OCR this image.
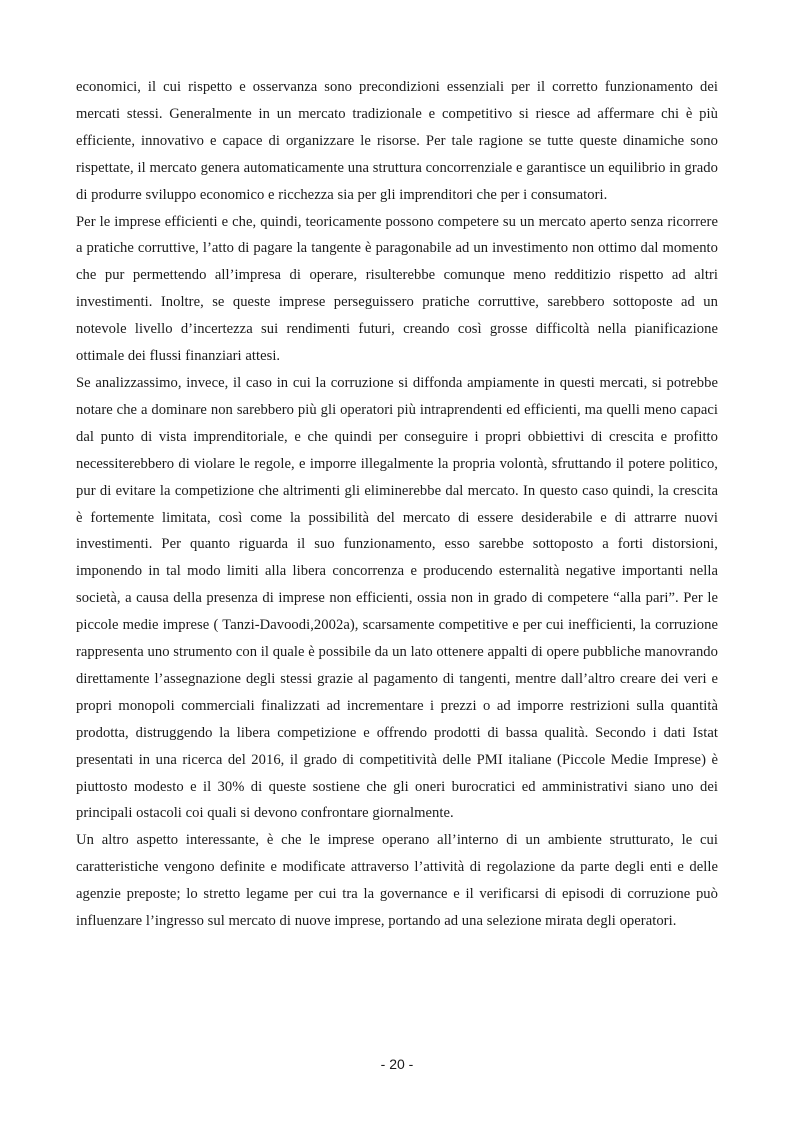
economici, il cui rispetto e osservanza sono precondizioni essenziali per il corretto funzionamento dei mercati stessi. Generalmente in un mercato tradizionale e competitivo si riesce ad affermare chi è più efficiente, innovativo e capace di organizzare le risorse. Per tale ragione se tutte queste dinamiche sono rispettate, il mercato genera automaticamente una struttura concorrenziale e garantisce un equilibrio in grado di produrre sviluppo economico e ricchezza sia per gli imprenditori che per i consumatori.

Per le imprese efficienti e che, quindi, teoricamente possono competere su un mercato aperto senza ricorrere a pratiche corruttive, l’atto di pagare la tangente è paragonabile ad un investimento non ottimo dal momento che pur permettendo all’impresa di operare, risulterebbe comunque meno redditizio rispetto ad altri investimenti. Inoltre, se queste imprese perseguissero pratiche corruttive, sarebbero sottoposte ad un notevole livello d’incertezza sui rendimenti futuri, creando così grosse difficoltà nella pianificazione ottimale dei flussi finanziari attesi.

Se analizzassimo, invece, il caso in cui la corruzione si diffonda ampiamente in questi mercati, si potrebbe notare che a dominare non sarebbero più gli operatori più intraprendenti ed efficienti, ma quelli meno capaci dal punto di vista imprenditoriale, e che quindi per conseguire i propri obbiettivi di crescita e profitto necessiterebbero di violare le regole, e imporre illegalmente la propria volontà, sfruttando il potere politico, pur di evitare la competizione che altrimenti gli eliminerebbe dal mercato. In questo caso quindi, la crescita è fortemente limitata, così come la possibilità del mercato di essere desiderabile e di attrarre nuovi investimenti. Per quanto riguarda il suo funzionamento, esso sarebbe sottoposto a forti distorsioni, imponendo in tal modo limiti alla libera concorrenza e producendo esternalità negative importanti nella società, a causa della presenza di imprese non efficienti, ossia non in grado di competere “alla pari”. Per le piccole medie imprese ( Tanzi-Davoodi,2002a), scarsamente competitive e per cui inefficienti, la corruzione rappresenta uno strumento con il quale è possibile da un lato ottenere appalti di opere pubbliche manovrando direttamente l’assegnazione degli stessi grazie al pagamento di tangenti, mentre dall’altro creare dei veri e propri monopoli commerciali finalizzati ad incrementare i prezzi o ad imporre restrizioni sulla quantità prodotta, distruggendo la libera competizione e offrendo prodotti di bassa qualità. Secondo i dati Istat presentati in una ricerca del 2016, il grado di competitività delle PMI italiane (Piccole Medie Imprese) è piuttosto modesto e il 30% di queste sostiene che gli oneri burocratici ed amministrativi siano uno dei principali ostacoli coi quali si devono confrontare giornalmente.

Un altro aspetto interessante, è che le imprese operano all’interno di un ambiente strutturato, le cui caratteristiche vengono definite e modificate attraverso l’attività di regolazione da parte degli enti e delle agenzie preposte; lo stretto legame per cui tra la governance e il verificarsi di episodi di corruzione può influenzare l’ingresso sul mercato di nuove imprese, portando ad una selezione mirata degli operatori.

- 20 -
